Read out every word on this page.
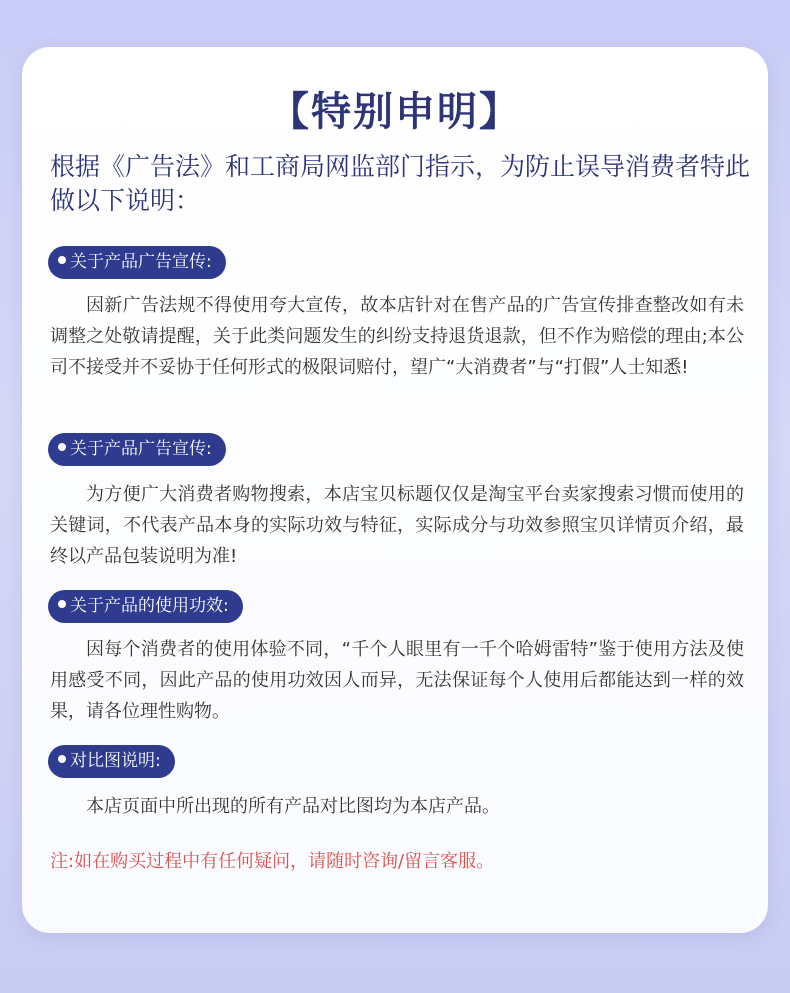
【特别申明】
根据《广告法》和工商局网监部门指示，为防止误导消费者特此做以下说明：
关于产品广告宣传:
因新广告法规不得使用夸大宣传，故本店针对在售产品的广告宣传排查整改如有未调整之处敬请提醒，关于此类问题发生的纠纷支持退货退款，但不作为赔偿的理由;本公司不接受并不妥协于任何形式的极限词赔付，望广“大消费者”与“打假”人士知悉!
关于产品广告宣传:
为方便广大消费者购物搜索，本店宝贝标题仅仅是淘宝平台卖家搜索习惯而使用的关键词，不代表产品本身的实际功效与特征，实际成分与功效参照宝贝详情页介绍，最终以产品包装说明为准!
关于产品的使用功效:
因每个消费者的使用体验不同，“千个人眼里有一千个哈姆雷特”鉴于使用方法及使用感受不同，因此产品的使用功效因人而异，无法保证每个人使用后都能达到一样的效果，请各位理性购物。
对比图说明:
本店页面中所出现的所有产品对比图均为本店产品。
注:如在购买过程中有任何疑问，请随时咨询/留言客服。
